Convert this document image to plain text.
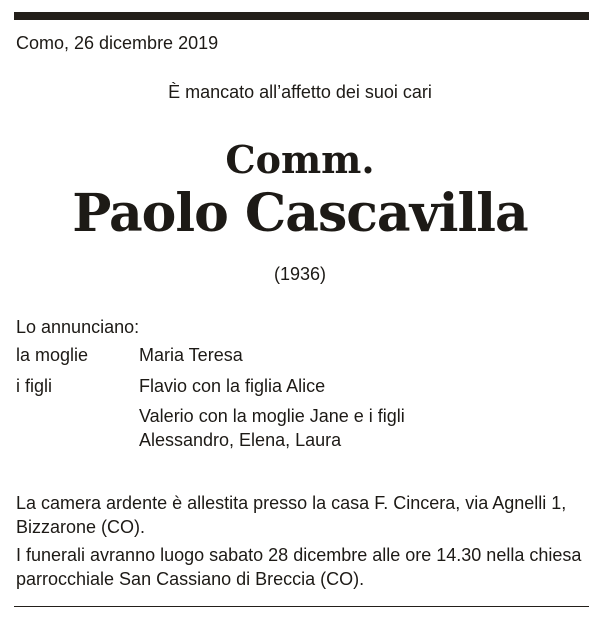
Como, 26 dicembre 2019
È mancato all’affetto dei suoi cari
Comm.
Paolo Cascavilla
(1936)
Lo annunciano:
la moglie	Maria Teresa
i figli	Flavio con la figlia Alice
Valerio con la moglie Jane e i figli
Alessandro, Elena, Laura
La camera ardente è allestita presso la casa F. Cincera, via Agnelli 1,
Bizzarone (CO).
I funerali avranno luogo sabato 28 dicembre alle ore 14.30 nella chiesa
parrocchiale San Cassiano di Breccia (CO).
